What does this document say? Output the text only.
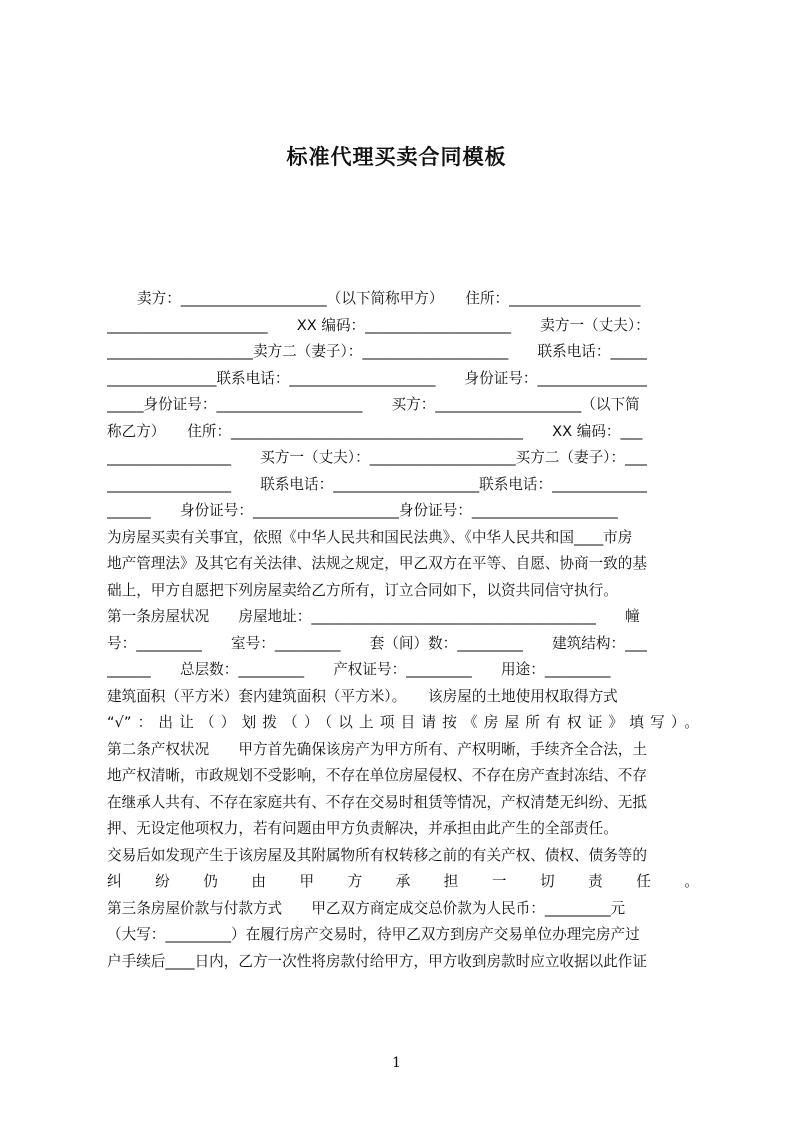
标准代理买卖合同模板
卖方：____________________（以下简称甲方）　　住所：__________________
______________________　　XX 编码：____________________　　卖方一（丈夫）：
____________________卖方二（妻子）：____________________　　联系电话：_____
_______________联系电话：____________________　　身份证号：_______________
_____身份证号：____________________　　买方：____________________（以下简
称乙方）　　住所：________________________________________　　XX 编码：___
_________________　　买方一（丈夫）：____________________买方二（妻子）：___
_________________　　联系电话：____________________联系电话：_____________
______　　身份证号：____________________身份证号：____________________
为房屋买卖有关事宜，依照《中华人民共和国民法典》、《中华人民共和国____市房
地产管理法》及其它有关法律、法规之规定，甲乙双方在平等、自愿、协商一致的基
础上，甲方自愿把下列房屋卖给乙方所有，订立合同如下，以资共同信守执行。
第一条房屋状况　　房屋地址：_______________________________________　　幢
号：_________　　室号：_________　　套（间）数：_________　　建筑结构：___
______　　总层数：_________　　产权证号：_________　　用途：_________
建筑面积（平方米）套内建筑面积（平方米）。　　该房屋的土地使用权取得方式
“√”：出让（）划拨（）（以上项目请按《房屋所有权证》填写）。
第二条产权状况　　甲方首先确保该房产为甲方所有、产权明晰，手续齐全合法，土
地产权清晰，市政规划不受影响，不存在单位房屋侵权、不存在房产查封冻结、不存
在继承人共有、不存在家庭共有、不存在交易时租赁等情况，产权清楚无纠纷、无抵
押、无设定他项权力，若有问题由甲方负责解决，并承担由此产生的全部责任。
交易后如发现产生于该房屋及其附属物所有权转移之前的有关产权、债权、债务等的
纠纷仍由甲方承担一切责任。
第三条房屋价款与付款方式　　甲乙双方商定成交总价款为人民币：_________元
（大写：_________）在履行房产交易时，待甲乙双方到房产交易单位办理完房产过
户手续后____日内，乙方一次性将房款付给甲方，甲方收到房款时应立收据以此作证
1
